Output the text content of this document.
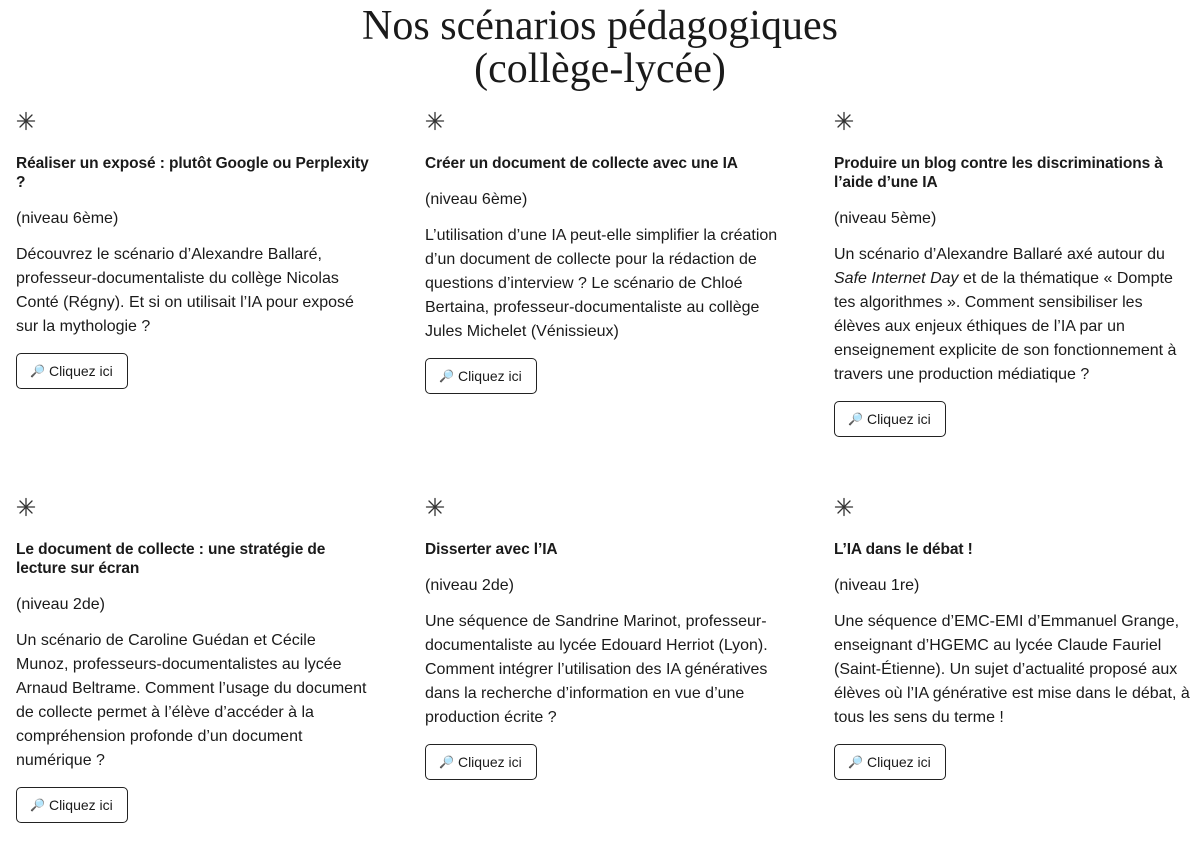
Nos scénarios pédagogiques
(collège-lycée)
Réaliser un exposé : plutôt Google ou Perplexity ?

(niveau 6ème)

Découvrez le scénario d’Alexandre Ballaré, professeur-documentaliste du collège Nicolas Conté (Régny). Et si on utilisait l’IA pour exposé sur la mythologie ?

🔎 Cliquez ici
Créer un document de collecte avec une IA

(niveau 6ème)

L’utilisation d’une IA peut-elle simplifier la création d’un document de collecte pour la rédaction de questions d’interview ? Le scénario de Chloé Bertaina, professeur-documentaliste au collège Jules Michelet (Vénissieux)

🔎 Cliquez ici
Produire un blog contre les discriminations à l’aide d’une IA

(niveau 5ème)

Un scénario d’Alexandre Ballaré axé autour du Safe Internet Day et de la thématique « Dompte tes algorithmes ». Comment sensibiliser les élèves aux enjeux éthiques de l’IA par un enseignement explicite de son fonctionnement à travers une production médiatique ?

🔎 Cliquez ici
Le document de collecte : une stratégie de lecture sur écran

(niveau 2de)

Un scénario de Caroline Guédan et Cécile Munoz, professeurs-documentalistes au lycée Arnaud Beltrame. Comment l’usage du document de collecte permet à l’élève d’accéder à la compréhension profonde d’un document numérique ?

🔎 Cliquez ici
Disserter avec l’IA

(niveau 2de)

Une séquence de Sandrine Marinot, professeur-documentaliste au lycée Edouard Herriot (Lyon). Comment intégrer l’utilisation des IA génératives dans la recherche d’information en vue d’une production écrite ?

🔎 Cliquez ici
L’IA dans le débat !

(niveau 1re)

Une séquence d’EMC-EMI d’Emmanuel Grange, enseignant d’HGEMC au lycée Claude Fauriel (Saint-Étienne). Un sujet d’actualité proposé aux élèves où l’IA générative est mise dans le débat, à tous les sens du terme !

🔎 Cliquez ici
